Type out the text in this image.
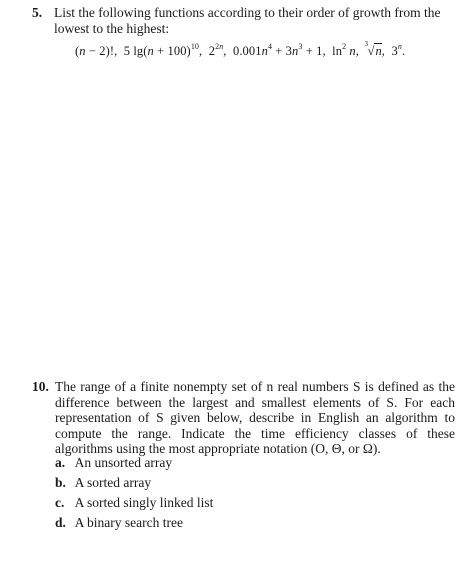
5. List the following functions according to their order of growth from the lowest to the highest:
(n − 2)!, 5 $\lg(n + 100)^{10}$, $2^{2n}$, $0.001n^4 + 3n^3 + 1$, $\ln^2 n$, 3 √n, 3$^n$.
10. The range of a finite nonempty set of n real numbers S is defined as the difference between the largest and smallest elements of S. For each representation of S given below, describe in English an algorithm to compute the range. Indicate the time efficiency classes of these algorithms using the most appropriate notation (O, Θ, or Ω).
a. An unsorted array
b. A sorted array
c. A sorted singly linked list
d. A binary search tree
